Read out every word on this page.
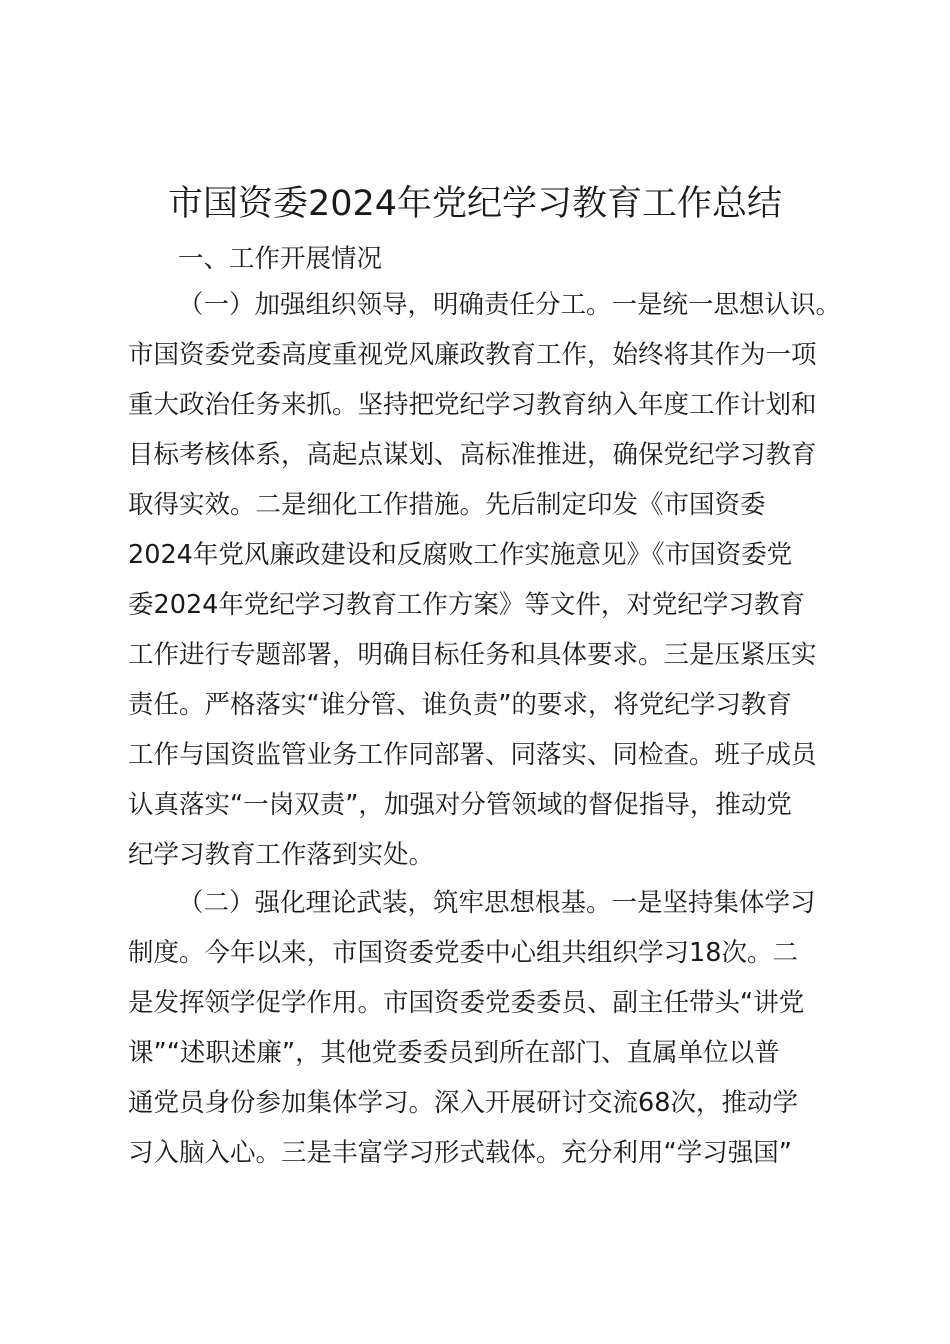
市国资委2024年党纪学习教育工作总结
一、工作开展情况
（一）加强组织领导，明确责任分工。一是统一思想认识。
市国资委党委高度重视党风廉政教育工作，始终将其作为一项
重大政治任务来抓。坚持把党纪学习教育纳入年度工作计划和
目标考核体系，高起点谋划、高标准推进，确保党纪学习教育
取得实效。二是细化工作措施。先后制定印发《市国资委
2024年党风廉政建设和反腐败工作实施意见》《市国资委党
委2024年党纪学习教育工作方案》等文件，对党纪学习教育
工作进行专题部署，明确目标任务和具体要求。三是压紧压实
责任。严格落实“谁分管、谁负责”的要求，将党纪学习教育
工作与国资监管业务工作同部署、同落实、同检查。班子成员
认真落实“一岗双责”，加强对分管领域的督促指导，推动党
纪学习教育工作落到实处。
（二）强化理论武装，筑牢思想根基。一是坚持集体学习
制度。今年以来，市国资委党委中心组共组织学习18次。二
是发挥领学促学作用。市国资委党委委员、副主任带头“讲党
课”“述职述廉”，其他党委委员到所在部门、直属单位以普
通党员身份参加集体学习。深入开展研讨交流68次，推动学
习入脑入心。三是丰富学习形式载体。充分利用“学习强国”
